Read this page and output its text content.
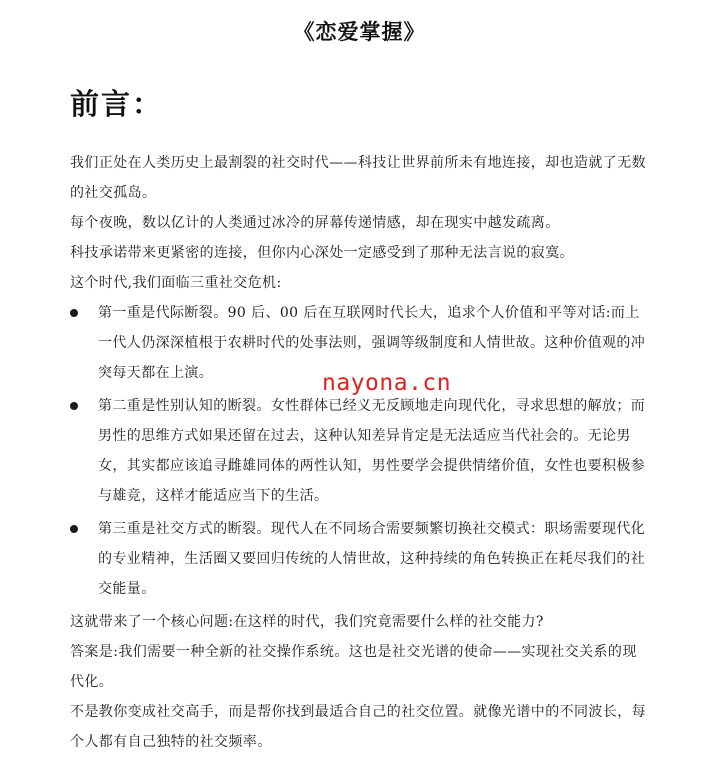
《恋爱掌握》
前言：

我们正处在人类历史上最割裂的社交时代——科技让世界前所未有地连接，却也造就了无数的社交孤岛。

每个夜晚，数以亿计的人类通过冰冷的屏幕传递情感，却在现实中越发疏离。

科技承诺带来更紧密的连接，但你内心深处一定感受到了那种无法言说的寂寞。

这个时代,我们面临三重社交危机:

第一重是代际断裂。90 后、00 后在互联网时代长大，追求个人价值和平等对话:而上一代人仍深深植根于农耕时代的处事法则，强调等级制度和人情世故。这种价值观的冲突每天都在上演。
第二重是性别认知的断裂。女性群体已经义无反顾地走向现代化，寻求思想的解放；而男性的思维方式如果还留在过去，这种认知差异肯定是无法适应当代社会的。无论男女，其实都应该追寻雌雄同体的两性认知，男性要学会提供情绪价值，女性也要积极参与雄竞，这样才能适应当下的生活。
第三重是社交方式的断裂。现代人在不同场合需要频繁切换社交模式：职场需要现代化的专业精神，生活圈又要回归传统的人情世故，这种持续的角色转换正在耗尽我们的社交能量。

这就带来了一个核心问题:在这样的时代，我们究竟需要什么样的社交能力?

答案是:我们需要一种全新的社交操作系统。这也是社交光谱的使命——实现社交关系的现代化。

不是教你变成社交高手，而是帮你找到最适合自己的社交位置。就像光谱中的不同波长，每个人都有自己独特的社交频率。

nayona.cn
